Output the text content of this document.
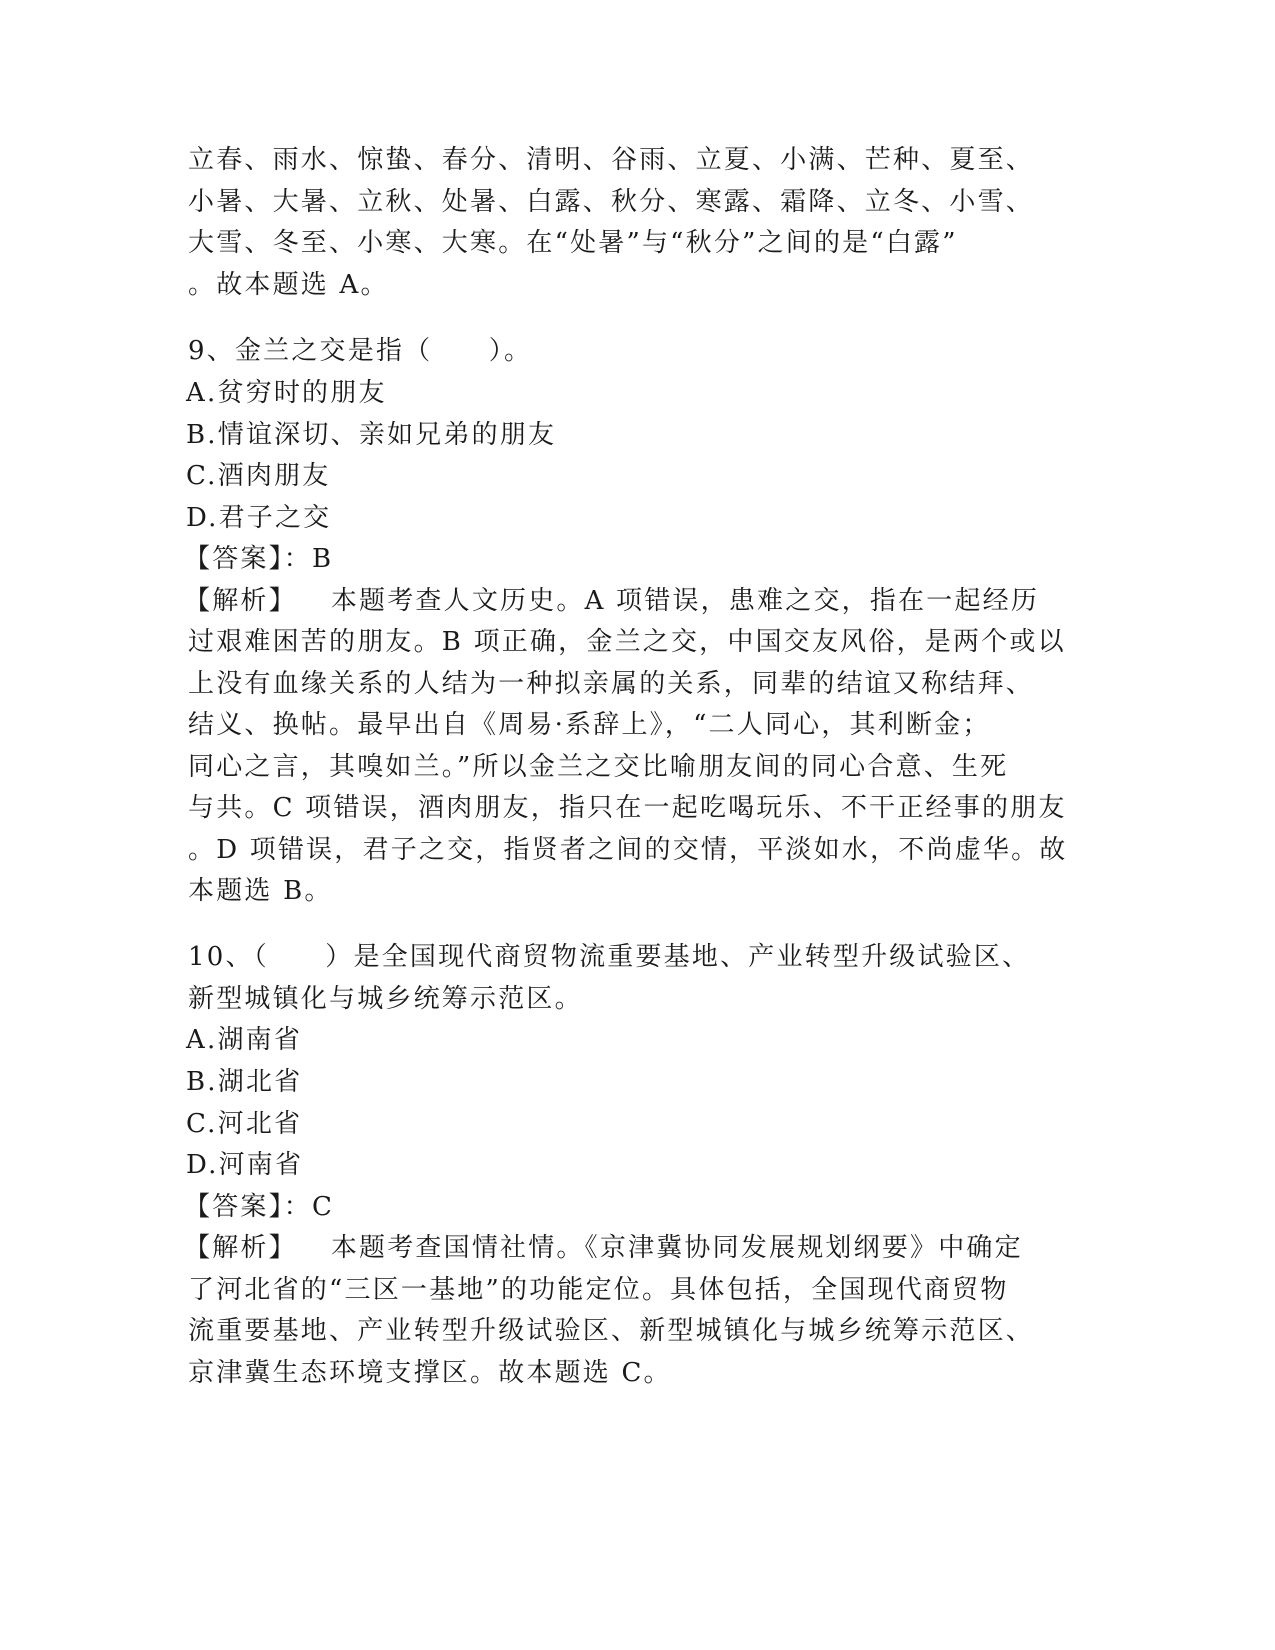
立春、雨水、惊蛰、春分、清明、谷雨、立夏、小满、芒种、夏至、
小暑、大暑、立秋、处暑、白露、秋分、寒露、霜降、立冬、小雪、
大雪、冬至、小寒、大寒。在“处暑”与“秋分”之间的是“白露”
。故本题选 A。
9、金兰之交是指（　　）。
A.贫穷时的朋友
B.情谊深切、亲如兄弟的朋友
C.酒肉朋友
D.君子之交
【答案】：B
【解析】 本题考查人文历史。A 项错误，患难之交，指在一起经历
过艰难困苦的朋友。B 项正确，金兰之交，中国交友风俗，是两个或以
上没有血缘关系的人结为一种拟亲属的关系，同辈的结谊又称结拜、
结义、换帖。最早出自《周易·系辞上》，“二人同心，其利断金；
同心之言，其嗅如兰。”所以金兰之交比喻朋友间的同心合意、生死
与共。C 项错误，酒肉朋友，指只在一起吃喝玩乐、不干正经事的朋友
。D 项错误，君子之交，指贤者之间的交情，平淡如水，不尚虚华。故
本题选 B。
10、（　　）是全国现代商贸物流重要基地、产业转型升级试验区、
新型城镇化与城乡统筹示范区。
A.湖南省
B.湖北省
C.河北省
D.河南省
【答案】：C
【解析】 本题考查国情社情。《京津冀协同发展规划纲要》中确定
了河北省的“三区一基地”的功能定位。具体包括，全国现代商贸物
流重要基地、产业转型升级试验区、新型城镇化与城乡统筹示范区、
京津冀生态环境支撑区。故本题选 C。
